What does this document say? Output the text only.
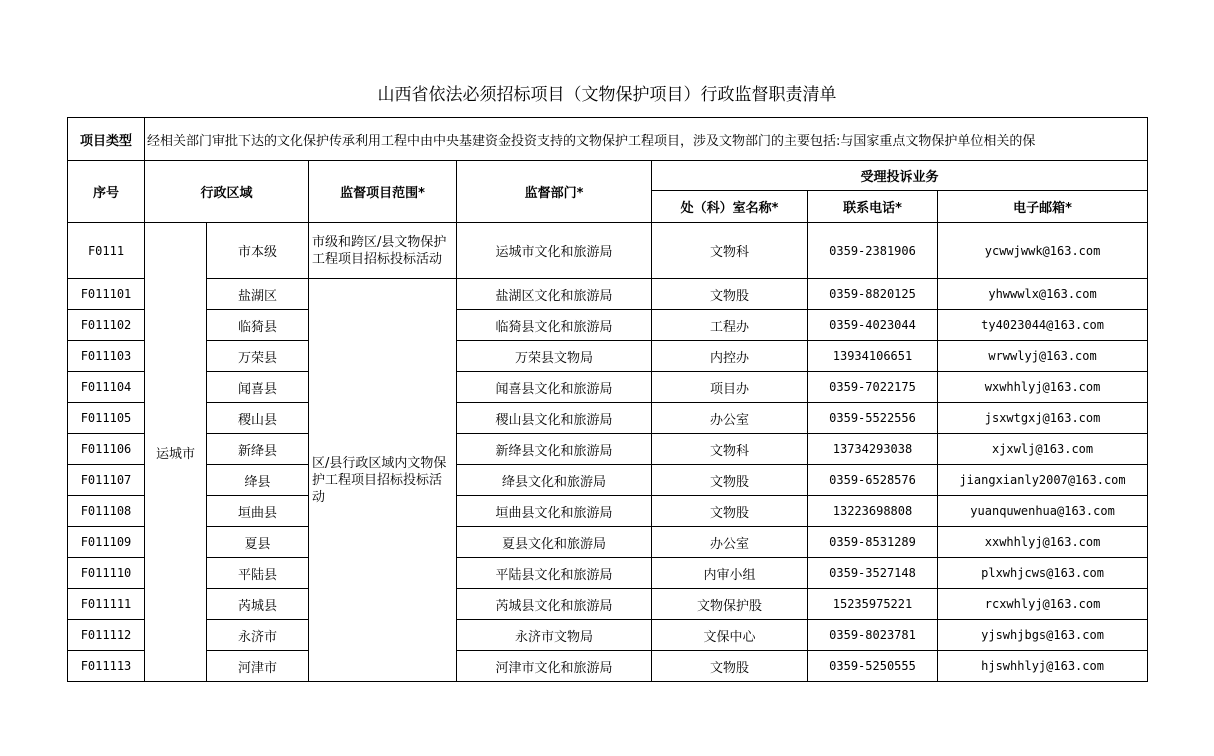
山西省依法必须招标项目（文物保护项目）行政监督职责清单
项目类型	经相关部门审批下达的文化保护传承利用工程中由中央基建资金投资支持的文物保护工程项目，涉及文物部门的主要包括:与国家重点文物保护单位相关的保						
序号	行政区域		监督项目范围*	监督部门*	受理投诉业务		
					处（科）室名称*	联系电话*	电子邮箱*
F0111	运城市	市本级	市级和跨区/县文物保护工程项目招标投标活动	运城市文化和旅游局	文物科	0359-2381906	ycwwjwwk@163.com
F011101		盐湖区	区/县行政区域内文物保护工程项目招标投标活动	盐湖区文化和旅游局	文物股	0359-8820125	yhwwwlx@163.com
F011102		临猗县		临猗县文化和旅游局	工程办	0359-4023044	ty4023044@163.com
F011103		万荣县		万荣县文物局	内控办	13934106651	wrwwlyj@163.com
F011104		闻喜县		闻喜县文化和旅游局	项目办	0359-7022175	wxwhhlyj@163.com
F011105		稷山县		稷山县文化和旅游局	办公室	0359-5522556	jsxwtgxj@163.com
F011106		新绛县		新绛县文化和旅游局	文物科	13734293038	xjxwlj@163.com
F011107		绛县		绛县文化和旅游局	文物股	0359-6528576	jiangxianly2007@163.com
F011108		垣曲县		垣曲县文化和旅游局	文物股	13223698808	yuanquwenhua@163.com
F011109		夏县		夏县文化和旅游局	办公室	0359-8531289	xxwhhlyj@163.com
F011110		平陆县		平陆县文化和旅游局	内审小组	0359-3527148	plxwhjcws@163.com
F011111		芮城县		芮城县文化和旅游局	文物保护股	15235975221	rcxwhlyj@163.com
F011112		永济市		永济市文物局	文保中心	0359-8023781	yjswhjbgs@163.com
F011113		河津市		河津市文化和旅游局	文物股	0359-5250555	hjswhhlyj@163.com
